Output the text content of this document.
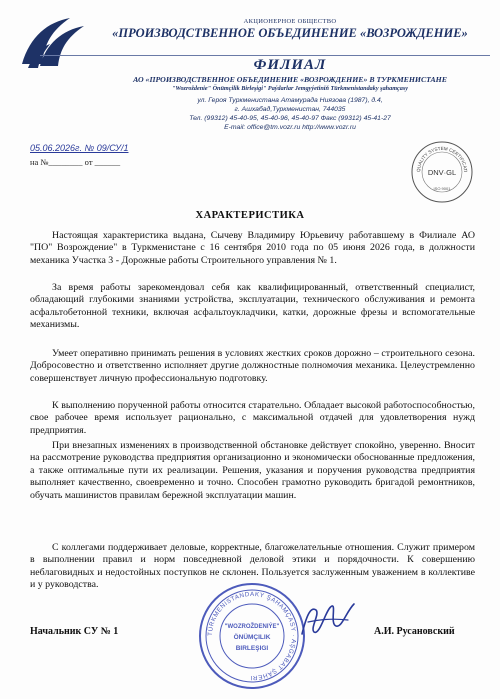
АКЦИОНЕРНОЕ ОБЩЕСТВО
«ПРОИЗВОДСТВЕННОЕ ОБЪЕДИНЕНИЕ «ВОЗРОЖДЕНИЕ»
ФИЛИАЛ
АО «ПРОИЗВОДСТВЕННОЕ ОБЪЕДИНЕНИЕ «ВОЗРОЖДЕНИЕ» В ТУРКМЕНИСТАНЕ
"Wozroždenie" Önümçilik Birleşigi" Paýdarlar Jemgyýetiniň Türkmenistandaky şahamçasy
ул. Героя Туркменистана Атамурада Ниязова (1987), д.4,
г. Ашхабад,Туркменистан, 744035
Тел. (99312) 45-40-95, 45-40-96, 45-40-97 Факс (99312) 45-41-27
E-mail: office@tm.vozr.ru http://www.vozr.ru
05.06.2026г. № 09/СУ/1
на №________ от ______
QUALITY SYSTEM CERTIFICATI
DNV·GL
ISO 9001
ХАРАКТЕРИСТИКА
Настоящая характеристика выдана, Сычеву Владимиру Юрьевичу работавшему в Филиале АО "ПО" Возрождение" в Туркменистане с 16 сентября 2010 года по 05 июня 2026 года, в должности механика Участка 3 - Дорожные работы Строительного управления № 1.
За время работы зарекомендовал себя как квалифицированный, ответственный специалист, обладающий глубокими знаниями устройства, эксплуатации, технического обслуживания и ремонта асфальтобетонной техники, включая асфальтоукладчики, катки, дорожные фрезы и вспомогательные механизмы.
Умеет оперативно принимать решения в условиях жестких сроков дорожно – строительного сезона. Добросовестно и ответственно исполняет другие должностные полномочия механика. Целеустремленно совершенствует личную профессиональную подготовку.
К выполнению порученной работы относится старательно. Обладает высокой работоспособностью, свое рабочее время использует рационально, с максимальной отдачей для удовлетворения нужд предприятия.
При внезапных изменениях в производственной обстановке действует спокойно, уверенно. Вносит на рассмотрение руководства предприятия организационно и экономически обоснованные предложения, а также оптимальные пути их реализации. Решения, указания и поручения руководства предприятия выполняет качественно, своевременно и точно. Способен грамотно руководить бригадой ремонтников, обучать машинистов правилам бережной эксплуатации машин.
С коллегами поддерживает деловые, корректные, благожелательные отношения. Служит примером в выполнении правил и норм повседневной деловой этики и порядочности. К совершению неблаговидных и недостойных поступков не склонен. Пользуется заслуженным уважением в коллективе и у руководства.
TÜRKMENISTANDAKY ŞAHAMÇASY · AŞGABAT ŞÄHERI
"WOZROŽDENIÝE"
ÖNÜMÇILIK
BIRLEŞIGI
Начальник СУ № 1	А.И. Русановский
